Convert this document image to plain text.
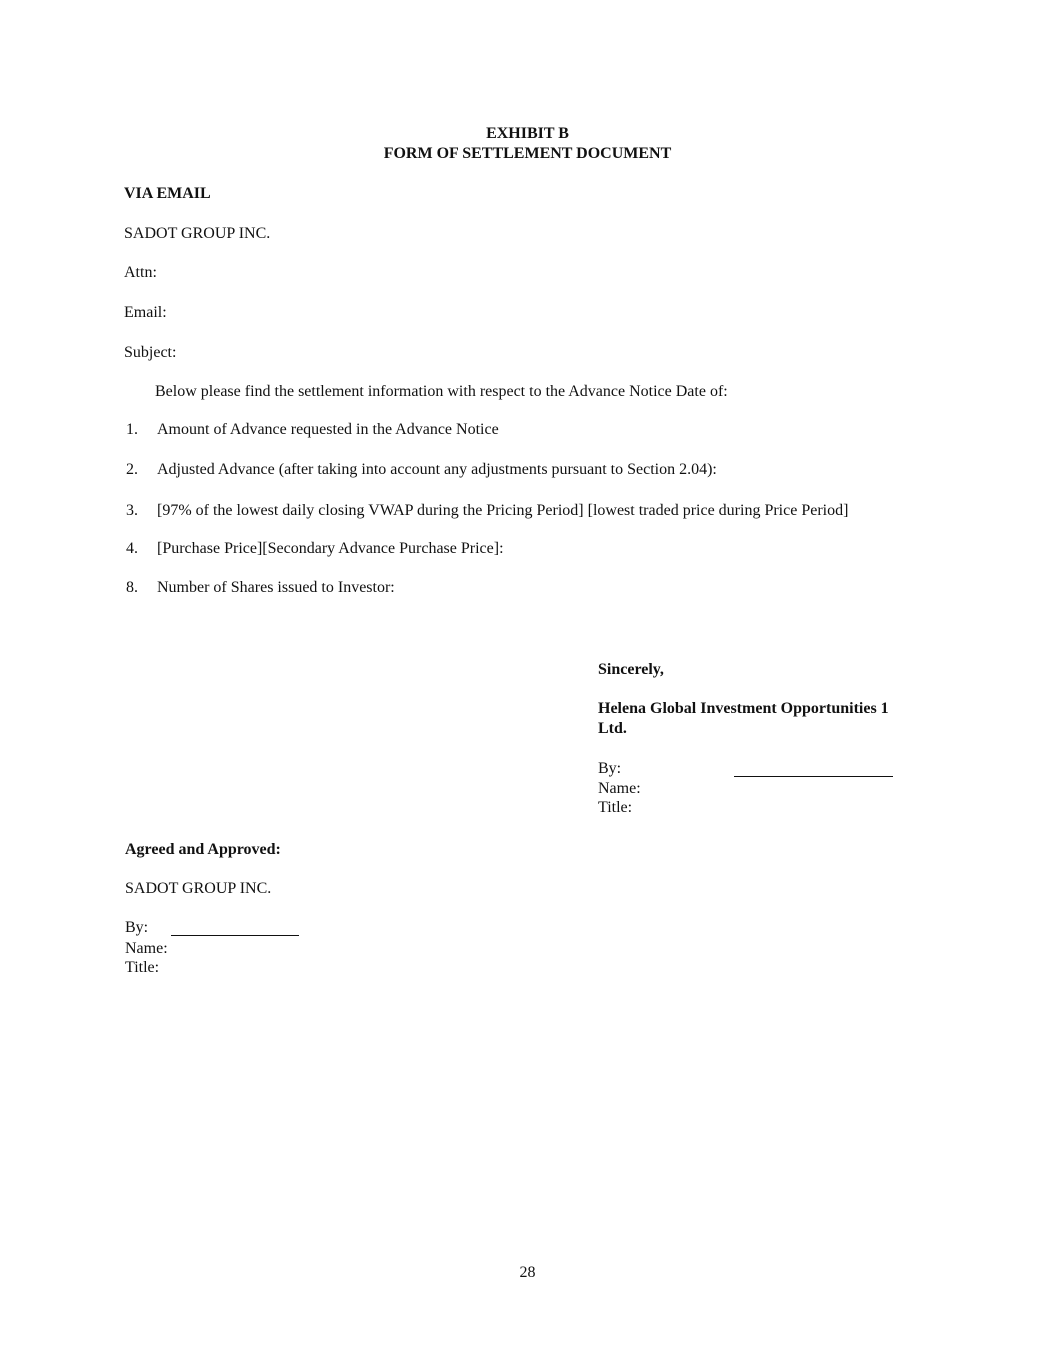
EXHIBIT B
FORM OF SETTLEMENT DOCUMENT
VIA EMAIL
SADOT GROUP INC.
Attn:
Email:
Subject:
Below please find the settlement information with respect to the Advance Notice Date of:
1. Amount of Advance requested in the Advance Notice
2. Adjusted Advance (after taking into account any adjustments pursuant to Section 2.04):
3. [97% of the lowest daily closing VWAP during the Pricing Period] [lowest traded price during Price Period]
4. [Purchase Price][Secondary Advance Purchase Price]:
8. Number of Shares issued to Investor:
Sincerely,
Helena Global Investment Opportunities 1
Ltd.
By:
Name:
Title:
Agreed and Approved:
SADOT GROUP INC.
By:
Name:
Title:
28
